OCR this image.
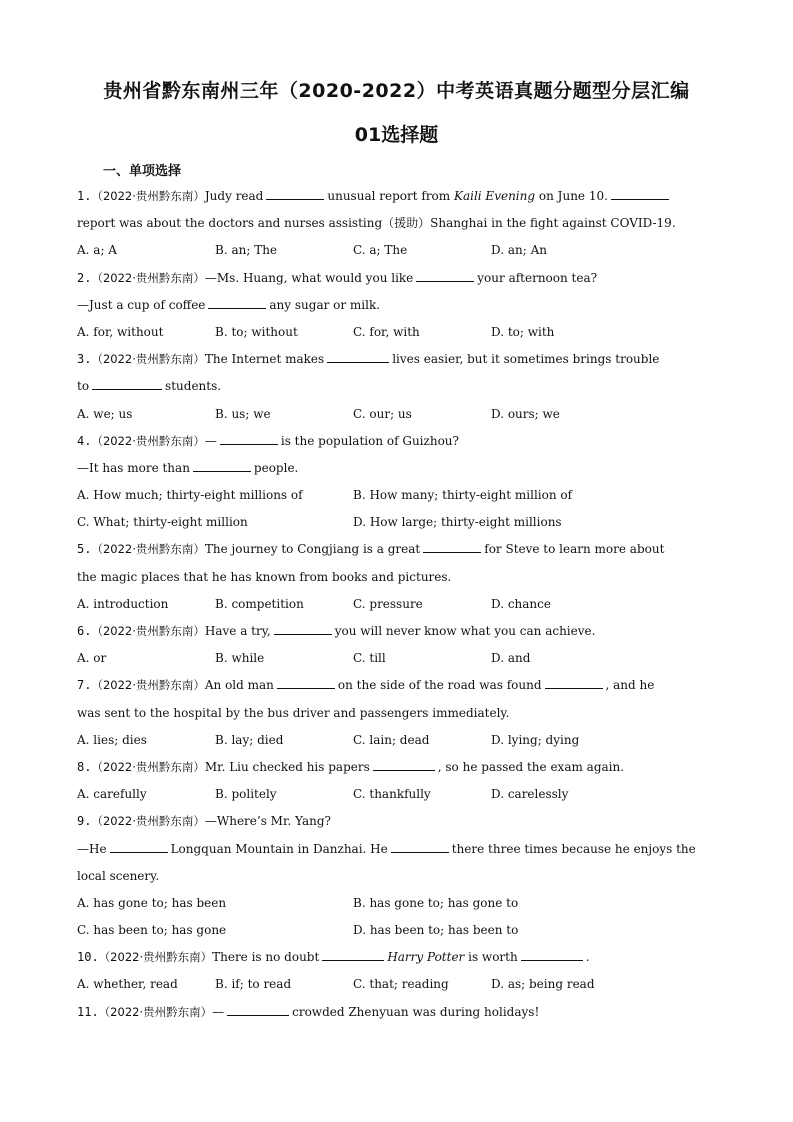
贵州省黔东南州三年（2020-2022）中考英语真题分题型分层汇编
01选择题
一、单项选择
1.（2022·贵州黔东南）Judy read	unusual report from Kaili Evening on June 10.
report was about the doctors and nurses assisting（援助）Shanghai in the fight against COVID-19.
A. a; A	B. an; The	C. a; The	D. an; An
2.（2022·贵州黔东南）—Ms. Huang, what would you like	your afternoon tea?
—Just a cup of coffee	any sugar or milk.
A. for, without	B. to; without	C. for, with	D. to; with
3.（2022·贵州黔东南）The Internet makes	lives easier, but it sometimes brings trouble
to	students.
A. we; us	B. us; we	C. our; us	D. ours; we
4.（2022·贵州黔东南）—	is the population of Guizhou?
—It has more than	people.
A. How much; thirty-eight millions of	B. How many; thirty-eight million of
C. What; thirty-eight million	D. How large; thirty-eight millions
5.（2022·贵州黔东南）The journey to Congjiang is a great	for Steve to learn more about
the magic places that he has known from books and pictures.
A. introduction	B. competition	C. pressure	D. chance
6.（2022·贵州黔东南）Have a try,	you will never know what you can achieve.
A. or	B. while	C. till	D. and
7.（2022·贵州黔东南）An old man	on the side of the road was found	, and he
was sent to the hospital by the bus driver and passengers immediately.
A. lies; dies	B. lay; died	C. lain; dead	D. lying; dying
8.（2022·贵州黔东南）Mr. Liu checked his papers	, so he passed the exam again.
A. carefully	B. politely	C. thankfully	D. carelessly
9.（2022·贵州黔东南）—Where’s Mr. Yang?
—He	Longquan Mountain in Danzhai. He	there three times because he enjoys the
local scenery.
A. has gone to; has been	B. has gone to; has gone to
C. has been to; has gone	D. has been to; has been to
10.（2022·贵州黔东南）There is no doubt	Harry Potter is worth	.
A. whether, read	B. if; to read	C. that; reading	D. as; being read
11.（2022·贵州黔东南）—	crowded Zhenyuan was during holidays!
